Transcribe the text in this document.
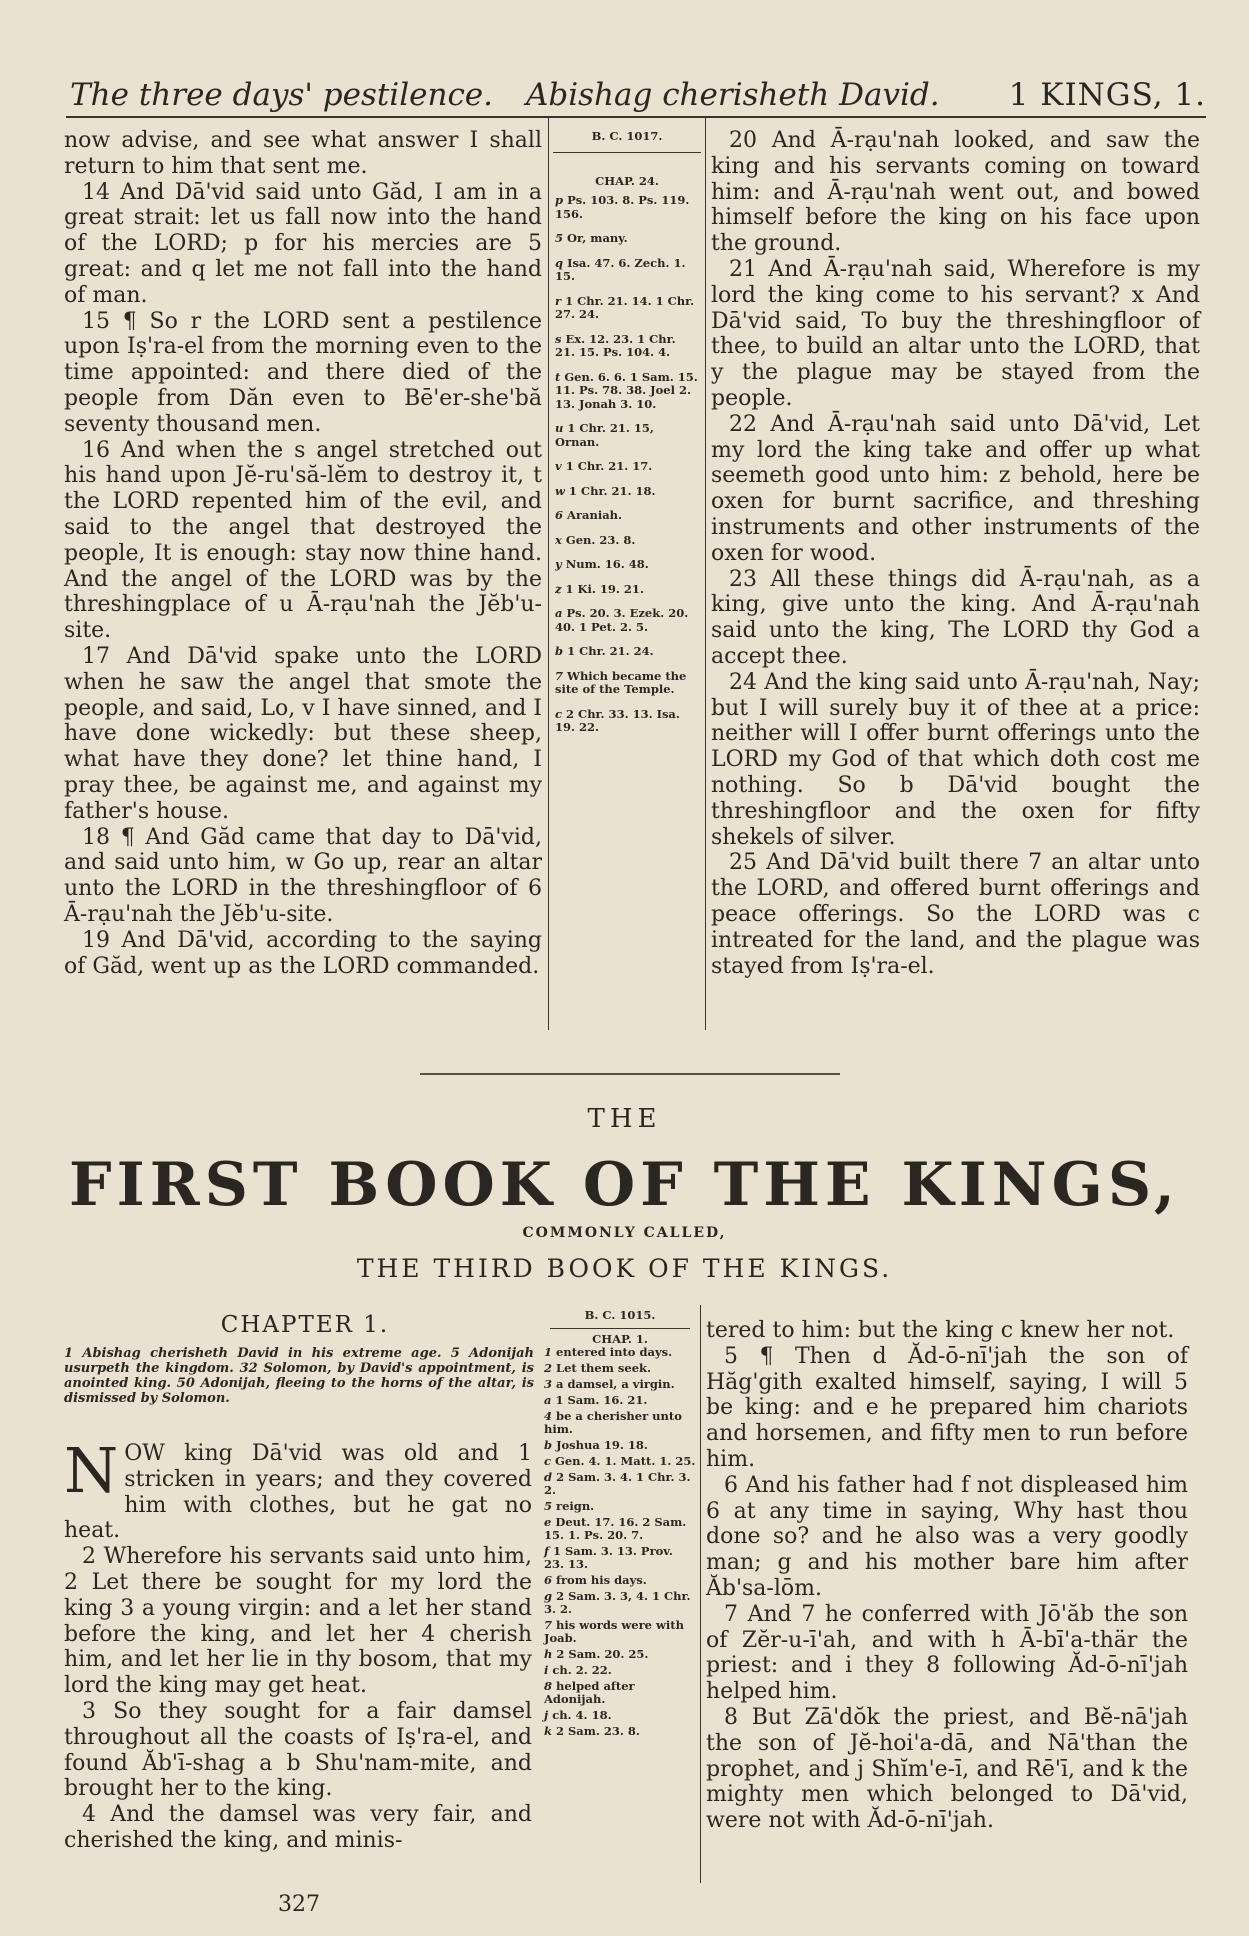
The three days' pestilence. Abishag cherisheth David. 1 KINGS, 1.

now advise, and see what answer I shall return to him that sent me.

14 And Dā'vid said unto Găd, I am in a great strait: let us fall now into the hand of the LORD; p for his mercies are 5 great: and q let me not fall into the hand of man.

15 ¶ So r the LORD sent a pestilence upon Iṣ'ra-el from the morning even to the time appointed: and there died of the people from Dăn even to Bē'er-she'bă seventy thousand men.

16 And when the s angel stretched out his hand upon Jĕ-ru'să-lĕm to destroy it, t the LORD repented him of the evil, and said to the angel that destroyed the people, It is enough: stay now thine hand. And the angel of the LORD was by the threshingplace of u Ā-rạu'nah the Jĕb'u-site.

17 And Dā'vid spake unto the LORD when he saw the angel that smote the people, and said, Lo, v I have sinned, and I have done wickedly: but these sheep, what have they done? let thine hand, I pray thee, be against me, and against my father's house.

18 ¶ And Găd came that day to Dā'vid, and said unto him, w Go up, rear an altar unto the LORD in the threshingfloor of 6 Ā-rạu'nah the Jĕb'u-site.

19 And Dā'vid, according to the saying of Găd, went up as the LORD commanded.

B. C. 1017.
CHAP. 24.
p Ps. 103. 8. Ps. 119. 156.
5 Or, many.
q Isa. 47. 6. Zech. 1. 15.
r 1 Chr. 21. 14. 1 Chr. 27. 24.
s Ex. 12. 23. 1 Chr. 21. 15. Ps. 104. 4.
t Gen. 6. 6. 1 Sam. 15. 11. Ps. 78. 38. Joel 2. 13. Jonah 3. 10.
u 1 Chr. 21. 15, Ornan.
v 1 Chr. 21. 17.
w 1 Chr. 21. 18.
6 Araniah.
x Gen. 23. 8.
y Num. 16. 48.
z 1 Ki. 19. 21.
a Ps. 20. 3. Ezek. 20. 40. 1 Pet. 2. 5.
b 1 Chr. 21. 24.
7 Which became the site of the Temple.
c 2 Chr. 33. 13. Isa. 19. 22.

20 And Ā-rạu'nah looked, and saw the king and his servants coming on toward him: and Ā-rạu'nah went out, and bowed himself before the king on his face upon the ground.

21 And Ā-rạu'nah said, Wherefore is my lord the king come to his servant? x And Dā'vid said, To buy the threshingfloor of thee, to build an altar unto the LORD, that y the plague may be stayed from the people.

22 And Ā-rạu'nah said unto Dā'vid, Let my lord the king take and offer up what seemeth good unto him: z behold, here be oxen for burnt sacrifice, and threshing instruments and other instruments of the oxen for wood.

23 All these things did Ā-rạu'nah, as a king, give unto the king. And Ā-rạu'nah said unto the king, The LORD thy God a accept thee.

24 And the king said unto Ā-rạu'nah, Nay; but I will surely buy it of thee at a price: neither will I offer burnt offerings unto the LORD my God of that which doth cost me nothing. So b Dā'vid bought the threshingfloor and the oxen for fifty shekels of silver.

25 And Dā'vid built there 7 an altar unto the LORD, and offered burnt offerings and peace offerings. So the LORD was c intreated for the land, and the plague was stayed from Iṣ'ra-el.

THE
FIRST BOOK OF THE KINGS,
COMMONLY CALLED,
THE THIRD BOOK OF THE KINGS.
CHAPTER 1.
1 Abishag cherisheth David in his extreme age. 5 Adonijah usurpeth the kingdom. 32 Solomon, by David's appointment, is anointed king. 50 Adonijah, fleeing to the horns of the altar, is dismissed by Solomon.

NOW king Dā'vid was old and 1 stricken in years; and they covered him with clothes, but he gat no heat.

2 Wherefore his servants said unto him, 2 Let there be sought for my lord the king 3 a young virgin: and a let her stand before the king, and let her 4 cherish him, and let her lie in thy bosom, that my lord the king may get heat.

3 So they sought for a fair damsel throughout all the coasts of Iṣ'ra-el, and found Ăb'ī-shag a b Shu'nam-mite, and brought her to the king.

4 And the damsel was very fair, and cherished the king, and minis-

B. C. 1015.
CHAP. 1.
1 entered into days.
2 Let them seek.
3 a damsel, a virgin.
a 1 Sam. 16. 21.
4 be a cherisher unto him.
b Joshua 19. 18.
c Gen. 4. 1. Matt. 1. 25.
d 2 Sam. 3. 4. 1 Chr. 3. 2.
5 reign.
e Deut. 17. 16. 2 Sam. 15. 1. Ps. 20. 7.
f 1 Sam. 3. 13. Prov. 23. 13.
6 from his days.
g 2 Sam. 3. 3, 4. 1 Chr. 3. 2.
7 his words were with Joab.
h 2 Sam. 20. 25.
i ch. 2. 22.
8 helped after Adonijah.
j ch. 4. 18.
k 2 Sam. 23. 8.

tered to him: but the king c knew her not.

5 ¶ Then d Ăd-ō-nī'jah the son of Hăg'gith exalted himself, saying, I will 5 be king: and e he prepared him chariots and horsemen, and fifty men to run before him.

6 And his father had f not displeased him 6 at any time in saying, Why hast thou done so? and he also was a very goodly man; g and his mother bare him after Ăb'sa-lōm.

7 And 7 he conferred with Jō'ăb the son of Zĕr-u-ī'ah, and with h Ā-bī'a-thär the priest: and i they 8 following Ăd-ō-nī'jah helped him.

8 But Zā'dŏk the priest, and Bĕ-nā'jah the son of Jĕ-hoi'a-dā, and Nā'than the prophet, and j Shĭm'e-ī, and Rē'ī, and k the mighty men which belonged to Dā'vid, were not with Ăd-ō-nī'jah.

327
